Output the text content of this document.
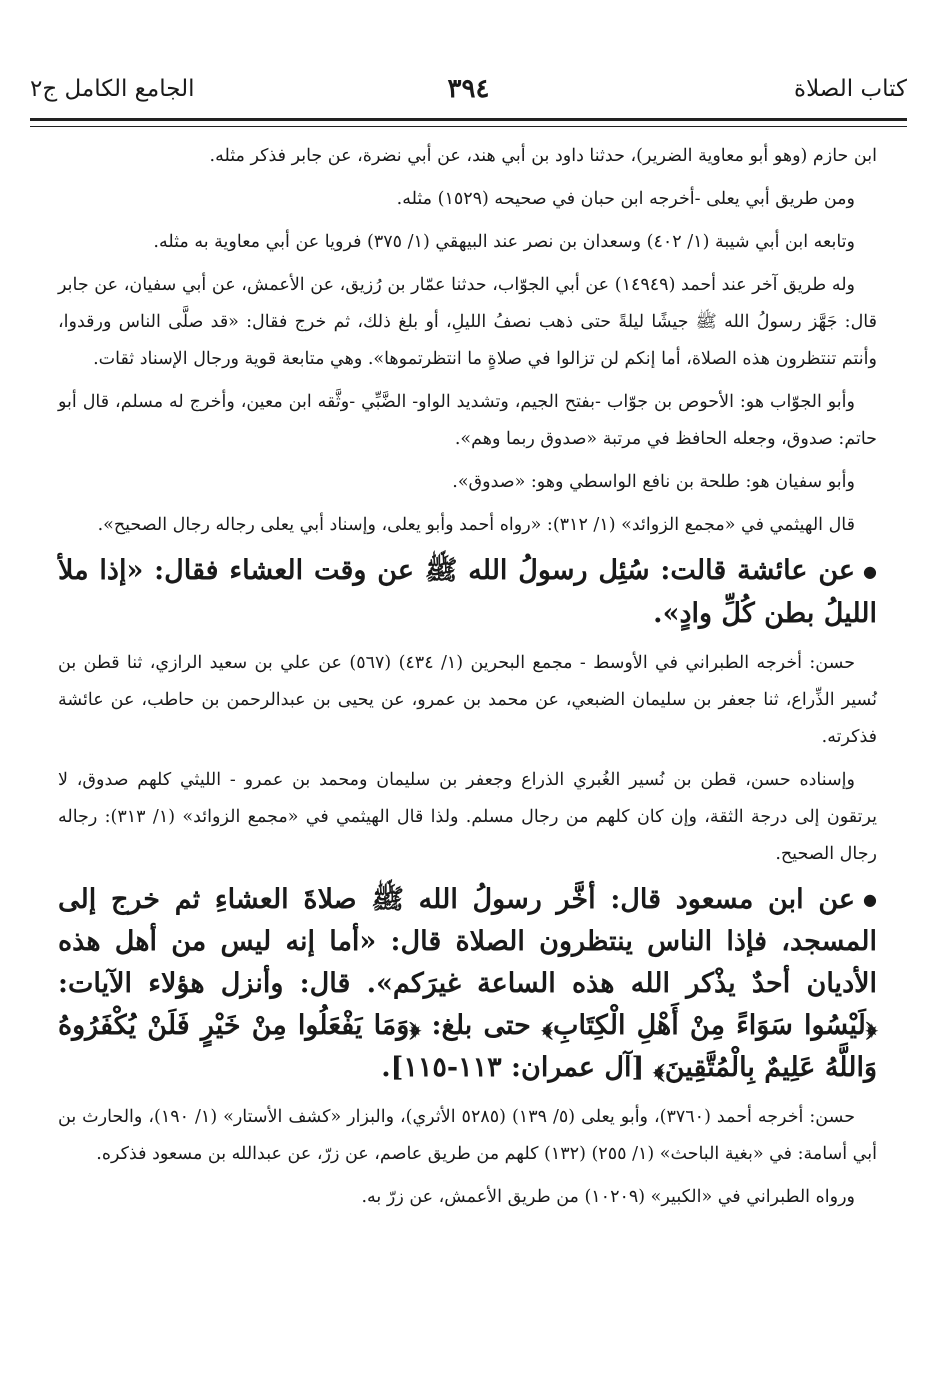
كتاب الصلاة
٣٩٤
الجامع الكامل ج٢

ابن حازم (وهو أبو معاوية الضرير)، حدثنا داود بن أبي هند، عن أبي نضرة، عن جابر فذكر مثله.

ومن طريق أبي يعلى -أخرجه ابن حبان في صحيحه (١٥٢٩) مثله.

وتابعه ابن أبي شيبة (١/ ٤٠٢) وسعدان بن نصر عند البيهقي (١/ ٣٧٥) فرويا عن أبي معاوية به مثله.

وله طريق آخر عند أحمد (١٤٩٤٩) عن أبي الجوّاب، حدثنا عمّار بن رُزيق، عن الأعمش، عن أبي سفيان، عن جابر قال: جَهَّز رسولُ الله ﷺ جيشًا ليلةً حتى ذهب نصفُ الليلِ، أو بلغ ذلك، ثم خرج فقال: «قد صلَّى الناس ورقدوا، وأنتم تنتظرون هذه الصلاة، أما إنكم لن تزالوا في صلاةٍ ما انتظرتموها». وهي متابعة قوية ورجال الإسناد ثقات.

وأبو الجوّاب هو: الأحوص بن جوّاب -بفتح الجيم، وتشديد الواو- الضَّبِّي -وثَّقه ابن معين، وأخرج له مسلم، قال أبو حاتم: صدوق، وجعله الحافظ في مرتبة «صدوق ربما وهم».

وأبو سفيان هو: طلحة بن نافع الواسطي وهو: «صدوق».

قال الهيثمي في «مجمع الزوائد» (١/ ٣١٢): «رواه أحمد وأبو يعلى، وإسناد أبي يعلى رجاله رجال الصحيح».

●عن عائشة قالت: سُئِل رسولُ الله ﷺ عن وقت العشاء فقال: «إذا ملأ الليلُ بطن كُلِّ وادٍ».

حسن: أخرجه الطبراني في الأوسط - مجمع البحرين (١/ ٤٣٤) (٥٦٧) عن علي بن سعيد الرازي، ثنا قطن بن نُسير الذِّراع، ثنا جعفر بن سليمان الضبعي، عن محمد بن عمرو، عن يحيى بن عبدالرحمن بن حاطب، عن عائشة فذكرته.

وإسناده حسن، قطن بن نُسير الغُبري الذراع وجعفر بن سليمان ومحمد بن عمرو - الليثي كلهم صدوق، لا يرتقون إلى درجة الثقة، وإن كان كلهم من رجال مسلم. ولذا قال الهيثمي في «مجمع الزوائد» (١/ ٣١٣): رجاله رجال الصحيح.

●عن ابن مسعود قال: أخَّر رسولُ الله ﷺ صلاةَ العشاءِ ثم خرج إلى المسجد، فإذا الناس ينتظرون الصلاة قال: «أما إنه ليس من أهل هذه الأديان أحدٌ يذْكر الله هذه الساعة غيرَكم». قال: وأنزل هؤلاء الآيات: ﴿لَيْسُوا سَوَاءً مِنْ أَهْلِ الْكِتَابِ﴾ حتى بلغ: ﴿وَمَا يَفْعَلُوا مِنْ خَيْرٍ فَلَنْ يُكْفَرُوهُ وَاللَّهُ عَلِيمٌ بِالْمُتَّقِينَ﴾ [آل عمران: ١١٣-١١٥].

حسن: أخرجه أحمد (٣٧٦٠)، وأبو يعلى (٥/ ١٣٩) (٥٢٨٥ الأثري)، والبزار «كشف الأستار» (١/ ١٩٠)، والحارث بن أبي أسامة: في «بغية الباحث» (١/ ٢٥٥) (١٣٢) كلهم من طريق عاصم، عن زرّ، عن عبدالله بن مسعود فذكره.

ورواه الطبراني في «الكبير» (١٠٢٠٩) من طريق الأعمش، عن زرّ به.
